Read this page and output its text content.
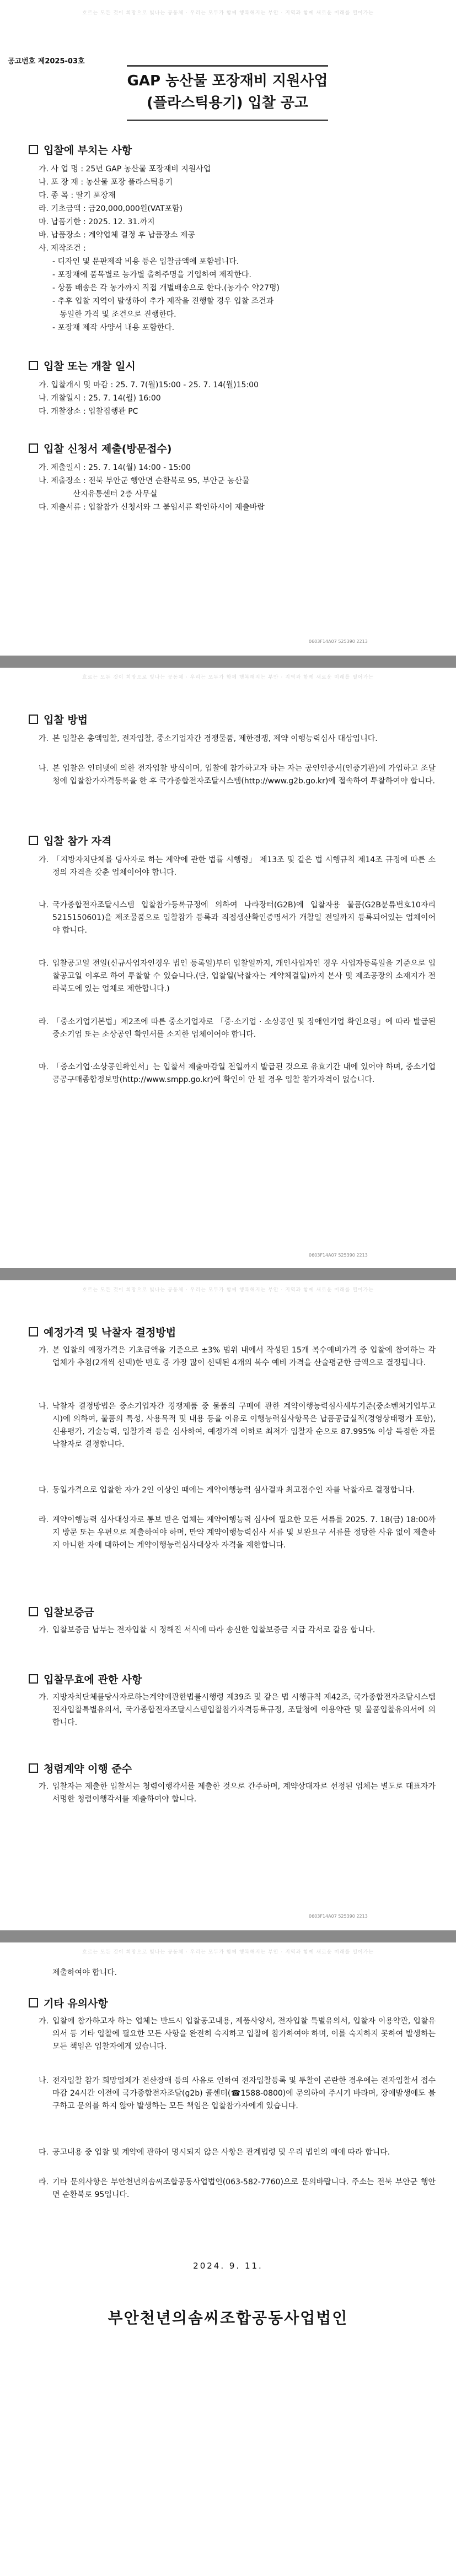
흐르는 모든 것이 희망으로 빛나는 공동체 · 우리는 모두가 함께 행복해지는 부안 · 지역과 함께 새로운 미래를 열어가는
공고번호 제2025-03호
GAP 농산물 포장재비 지원사업
(플라스틱용기) 입찰 공고
입찰에 부치는 사항
가. 사 업 명 : 25년 GAP 농산물 포장재비 지원사업
나. 포 장 재 : 농산물 포장 플라스틱용기
다. 종 목 : 딸기 포장재
라. 기초금액 : 금20,000,000원(VAT포함)
마. 납품기한 : 2025. 12. 31.까지
바. 납품장소 : 계약업체 결정 후 납품장소 제공
사. 제작조건 :
- 디자인 및 문판제작 비용 등은 입찰금액에 포함됩니다.
- 포장재에 품목별로 농가별 출하주명을 기입하여 제작한다.
- 상품 배송은 각 농가까지 직접 개별배송으로 한다.(농가수 약27명)
- 추후 입찰 지역이 발생하여 추가 제작을 진행할 경우 입찰 조건과
동일한 가격 및 조건으로 진행한다.
- 포장재 제작 사양서 내용 포함한다.
입찰 또는 개찰 일시
가. 입찰개시 및 마감 : 25. 7. 7(월)15:00 - 25. 7. 14(월)15:00
나. 개찰일시 : 25. 7. 14(월) 16:00
다. 개찰장소 : 입찰집행관 PC
입찰 신청서 제출(방문접수)
가. 제출일시 : 25. 7. 14(월) 14:00 - 15:00
나. 제출장소 : 전북 부안군 행안면 순환북로 95, 부안군 농산물
산지유통센터 2층 사무실
다. 제출서류 : 입찰참가 신청서와 그 붙임서류 확인하시어 제출바람
0603F14A07 525390 2213
흐르는 모든 것이 희망으로 빛나는 공동체 · 우리는 모두가 함께 행복해지는 부안 · 지역과 함께 새로운 미래를 열어가는
입찰 방법
가. 본 입찰은 총액입찰, 전자입찰, 중소기업자간 경쟁물품, 제한경쟁, 제약 이행능력심사 대상입니다.
나. 본 입찰은 인터넷에 의한 전자입찰 방식이며, 입찰에 참가하고자 하는 자는 공인인증서(인증기관)에 가입하고 조달청에 입찰참가자격등록을 한 후 국가종합전자조달시스템(http://www.g2b.go.kr)에 접속하여 투찰하여야 합니다.
입찰 참가 자격
가. 「지방자치단체를 당사자로 하는 계약에 관한 법률 시행령」 제13조 및 같은 법 시행규칙 제14조 규정에 따른 소정의 자격을 갖춘 업체이어야 합니다.
나. 국가종합전자조달시스템 입찰참가등록규정에 의하여 나라장터(G2B)에 입찰자용 물품(G2B분류번호10자리 5215150601)을 제조물품으로 입찰참가 등록과 직접생산확인증명서가 개찰일 전일까지 등록되어있는 업체이어야 합니다.
다. 입찰공고일 전일(신규사업자인경우 법인 등록일)부터 입찰일까지, 개인사업자인 경우 사업자등록일을 기준으로 입찰공고일 이후로 하여 투찰할 수 있습니다.(단, 입찰일(낙찰자는 계약체결일)까지 본사 및 제조공장의 소재지가 전라북도에 있는 업체로 제한합니다.)
라. 「중소기업기본법」제2조에 따른 중소기업자로 「중·소기업 · 소상공인 및 장애인기업 확인요령」에 따라 발급된 중소기업 또는 소상공인 확인서를 소지한 업체이어야 합니다.
마. 「중소기업·소상공인확인서」는 입찰서 제출마감일 전일까지 발급된 것으로 유효기간 내에 있어야 하며, 중소기업공공구매종합정보망(http://www.smpp.go.kr)에 확인이 안 될 경우 입찰 참가자격이 없습니다.
0603F14A07 525390 2213
흐르는 모든 것이 희망으로 빛나는 공동체 · 우리는 모두가 함께 행복해지는 부안 · 지역과 함께 새로운 미래를 열어가는
예정가격 및 낙찰자 결정방법
가. 본 입찰의 예정가격은 기초금액을 기준으로 ±3% 범위 내에서 작성된 15개 복수예비가격 중 입찰에 참여하는 각 업체가 추첨(2개씩 선택)한 번호 중 가장 많이 선택된 4개의 복수 예비 가격을 산술평균한 금액으로 결정됩니다.
나. 낙찰자 결정방법은 중소기업자간 경쟁제품 중 물품의 구매에 관한 계약이행능력심사세부기준(중소벤처기업부고시)에 의하여, 물품의 특성, 사용목적 및 내용 등을 이유로 이행능력심사항목은 납품공급실적(경영상태평가 포함), 신용평가, 기술능력, 입찰가격 등을 심사하여, 예정가격 이하로 최저가 입찰자 순으로 87.995% 이상 득점한 자를 낙찰자로 결정합니다.
다. 동일가격으로 입찰한 자가 2인 이상인 때에는 계약이행능력 심사결과 최고점수인 자를 낙찰자로 결정합니다.
라. 계약이행능력 심사대상자로 통보 받은 업체는 계약이행능력 심사에 필요한 모든 서류를 2025. 7. 18(금) 18:00까지 방문 또는 우편으로 제출하여야 하며, 만약 계약이행능력심사 서류 및 보완요구 서류를 정당한 사유 없이 제출하지 아니한 자에 대하여는 계약이행능력심사대상자 자격을 제한합니다.
입찰보증금
가. 입찰보증금 납부는 전자입찰 시 정해진 서식에 따라 송신한 입찰보증금 지급 각서로 갈음 합니다.
입찰무효에 관한 사항
가. 지방자치단체를당사자로하는계약에관한법률시행령 제39조 및 같은 법 시행규칙 제42조, 국가종합전자조달시스템전자입찰특별유의서, 국가종합전자조달시스템입찰참가자격등록규정, 조달청에 이용약관 및 물품입찰유의서에 의합니다.
청렴계약 이행 준수
가. 입찰자는 제출한 입찰서는 청렴이행각서를 제출한 것으로 간주하며, 계약상대자로 선정된 업체는 별도로 대표자가 서명한 청렴이행각서를 제출하여야 합니다.
0603F14A07 525390 2213
흐르는 모든 것이 희망으로 빛나는 공동체 · 우리는 모두가 함께 행복해지는 부안 · 지역과 함께 새로운 미래를 열어가는
제출하여야 합니다.
기타 유의사항
가. 입찰에 참가하고자 하는 업체는 반드시 입찰공고내용, 제품사양서, 전자입찰 특별유의서, 입찰자 이용약관, 입찰유의서 등 기타 입찰에 필요한 모든 사항을 완전히 숙지하고 입찰에 참가하여야 하며, 이를 숙지하지 못하여 발생하는 모든 책임은 입찰자에게 있습니다.
나. 전자입찰 참가 희망업체가 전산장애 등의 사유로 인하여 전자입찰등록 및 투찰이 곤란한 경우에는 전자입찰서 접수마감 24시간 이전에 국가종합전자조달(g2b) 콜센터(☎1588-0800)에 문의하여 주시기 바라며, 장애발생에도 불구하고 문의를 하지 않아 발생하는 모든 책임은 입찰참가자에게 있습니다.
다. 공고내용 중 입찰 및 계약에 관하여 명시되지 않은 사항은 관계법령 및 우리 법인의 예에 따라 합니다.
라. 기타 문의사항은 부안천년의솜씨조합공동사업법인(063-582-7760)으로 문의바랍니다. 주소는 전북 부안군 행안면 순환북로 95입니다.
2024. 9. 11.
부안천년의솜씨조합공동사업법인
